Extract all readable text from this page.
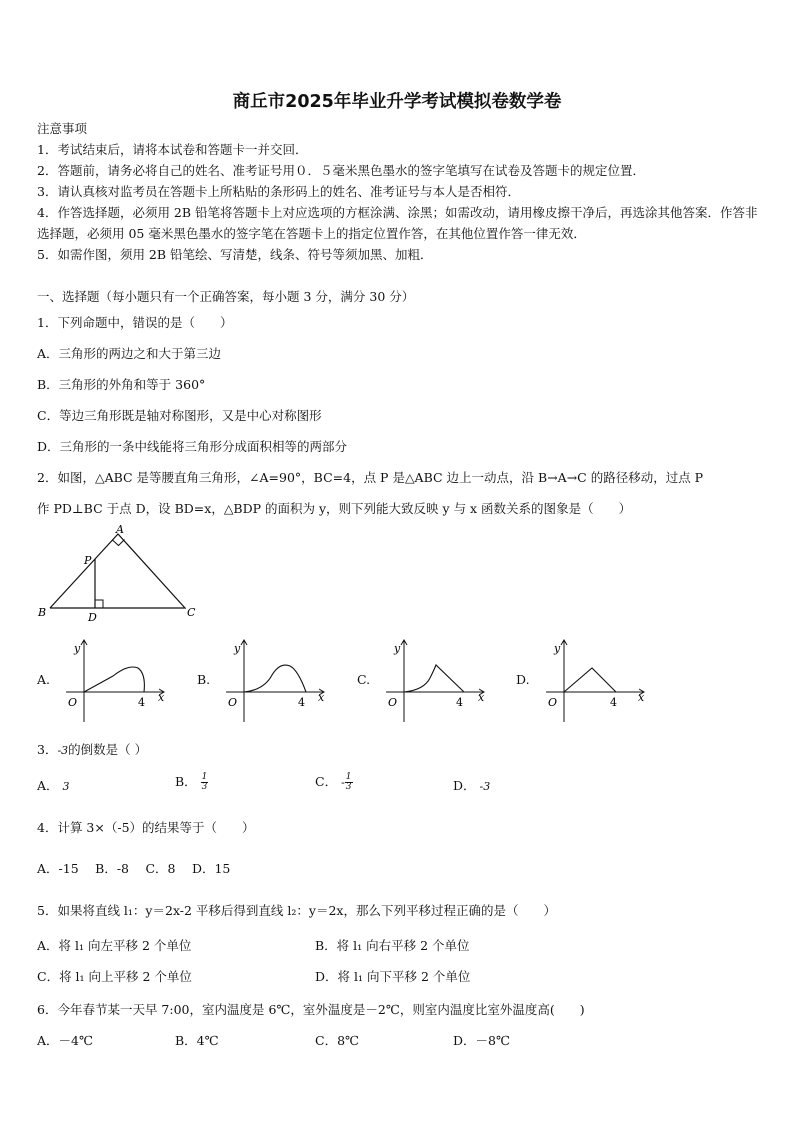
商丘市2025年毕业升学考试模拟卷数学卷
注意事项
1．考试结束后，请将本试卷和答题卡一并交回．
2．答题前，请务必将自己的姓名、准考证号用０．５毫米黑色墨水的签字笔填写在试卷及答题卡的规定位置．
3．请认真核对监考员在答题卡上所粘贴的条形码上的姓名、准考证号与本人是否相符．
4．作答选择题，必须用 2B 铅笔将答题卡上对应选项的方框涂满、涂黑；如需改动，请用橡皮擦干净后，再选涂其他答案．作答非选择题，必须用 05 毫米黑色墨水的签字笔在答题卡上的指定位置作答，在其他位置作答一律无效．
5．如需作图，须用 2B 铅笔绘、写清楚，线条、符号等须加黑、加粗．
一、选择题（每小题只有一个正确答案，每小题 3 分，满分 30 分）
1．下列命题中，错误的是（　　）
A．三角形的两边之和大于第三边
B．三角形的外角和等于 360°
C．等边三角形既是轴对称图形，又是中心对称图形
D．三角形的一条中线能将三角形分成面积相等的两部分
2．如图，△ABC 是等腰直角三角形，∠A=90°，BC=4，点 P 是△ABC 边上一动点，沿 B→A→C 的路径移动，过点 P
作 PD⊥BC 于点 D，设 BD=x，△BDP 的面积为 y，则下列能大致反映 y 与 x 函数关系的图象是（　　）
A
P
B	D	C
A.
y
x
O	4
B.
y
x
O	4
C.
y
x
O	4
D.
y
x
O	4
3．-3的倒数是（ ）
A． 3	B． $\frac{1}{3}$	C． - $\frac{1}{3}$	D． -3
4．计算 3×（-5）的结果等于（　　）
A．-15　 B．-8　 C．8　 D．15
5．如果将直线 l₁：y＝2x-2 平移后得到直线 l₂：y＝2x，那么下列平移过程正确的是（　　）
A．将 l₁ 向左平移 2 个单位	B．将 l₁ 向右平移 2 个单位
C．将 l₁ 向上平移 2 个单位	D．将 l₁ 向下平移 2 个单位
6．今年春节某一天早 7:00，室内温度是 6℃，室外温度是－2℃，则室内温度比室外温度高(　　)
A．－4℃	B．4℃	C．8℃	D．－8℃
